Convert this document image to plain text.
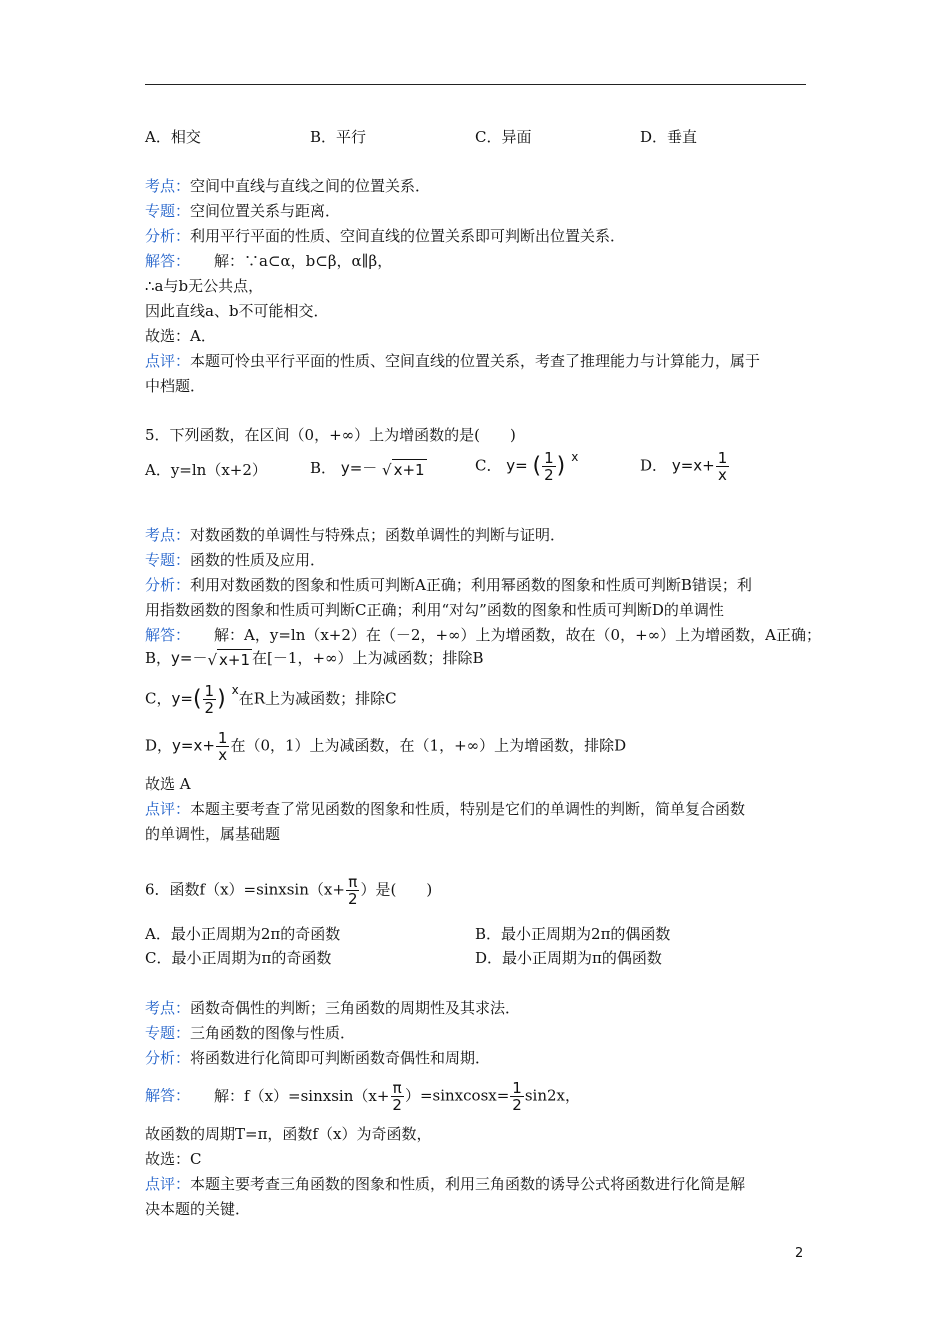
A．相交	B．平行	C．异面	D．垂直
考点：空间中直线与直线之间的位置关系．
专题：空间位置关系与距离．
分析：利用平行平面的性质、空间直线的位置关系即可判断出位置关系．
解答： 解：∵a⊂α，b⊂β，α∥β，
∴a与b无公共点，
因此直线a、b不可能相交．
故选：A．
点评：本题可怜虫平行平面的性质、空间直线的位置关系，考查了推理能力与计算能力，属于
中档题．
5．下列函数，在区间（0，+∞）上为增函数的是(　　)
A．y=ln（x+2）	B． y=－ √ x+1	C． y= ( $\frac{1}{2}$ ) $^x$	D． $y=x+ \frac{1}{x}$
考点：对数函数的单调性与特殊点；函数单调性的判断与证明．
专题：函数的性质及应用．
分析：利用对数函数的图象和性质可判断A正确；利用幂函数的图象和性质可判断B错误；利
用指数函数的图象和性质可判断C正确；利用“对勾”函数的图象和性质可判断D的单调性
解答： 解：A，y=ln（x+2）在（－2，+∞）上为增函数，故在（0，+∞）上为增函数，A正确；
B，y=－√ x+1 在[－1，+∞）上为减函数；排除B
C，$y=( \frac{1}{2}$ ) $^x$在R上为减函数；排除C
D，$y=x+ \frac{1}{x}$ 在（0，1）上为减函数，在（1，+∞）上为增函数，排除D
故选 A
点评：本题主要考查了常见函数的图象和性质，特别是它们的单调性的判断，简单复合函数
的单调性，属基础题
6．函数f（x）=sinxsin（x+ $\frac{\pi}{2}$ ）是(　　)
A．最小正周期为2π的奇函数	B．最小正周期为2π的偶函数
C．最小正周期为π的奇函数	D．最小正周期为π的偶函数
考点：函数奇偶性的判断；三角函数的周期性及其求法．
专题：三角函数的图像与性质．
分析：将函数进行化简即可判断函数奇偶性和周期．
解答： 解：f（x）=sinxsin（x+ $\frac{\pi}{2}$ ）=sinxcosx= $\frac{1}{2} \sin 2x$，
故函数的周期T=π，函数f（x）为奇函数，
故选：C
点评：本题主要考查三角函数的图象和性质，利用三角函数的诱导公式将函数进行化简是解
决本题的关键．
2
